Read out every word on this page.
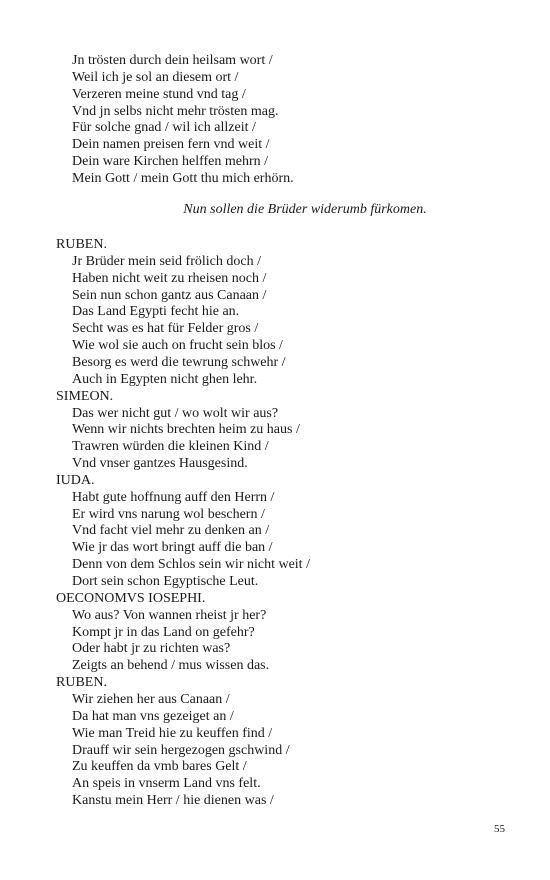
Nun sollen die Brüder widerumb fürkomen.
55
Jn trösten durch dein heilsam wort /
Weil ich je sol an diesem ort /
Verzeren meine stund vnd tag /
Vnd jn selbs nicht mehr trösten mag.
Für solche gnad / wil ich allzeit /
Dein namen preisen fern vnd weit /
Dein ware Kirchen helffen mehrn /
Mein Gott / mein Gott thu mich erhörn.
RUBEN.
Jr Brüder mein seid frölich doch /
Haben nicht weit zu rheisen noch /
Sein nun schon gantz aus Canaan /
Das Land Egypti fecht hie an.
Secht was es hat für Felder gros /
Wie wol sie auch on frucht sein blos /
Besorg es werd die tewrung schwehr /
Auch in Egypten nicht ghen lehr.
SIMEON.
Das wer nicht gut / wo wolt wir aus?
Wenn wir nichts brechten heim zu haus /
Trawren würden die kleinen Kind /
Vnd vnser gantzes Hausgesind.
IUDA.
Habt gute hoffnung auff den Herrn /
Er wird vns narung wol beschern /
Vnd facht viel mehr zu denken an /
Wie jr das wort bringt auff die ban /
Denn von dem Schlos sein wir nicht weit /
Dort sein schon Egyptische Leut.
OECONOMVS IOSEPHI.
Wo aus? Von wannen rheist jr her?
Kompt jr in das Land on gefehr?
Oder habt jr zu richten was?
Zeigts an behend / mus wissen das.
RUBEN.
Wir ziehen her aus Canaan /
Da hat man vns gezeiget an /
Wie man Treid hie zu keuffen find /
Drauff wir sein hergezogen gschwind /
Zu keuffen da vmb bares Gelt /
An speis in vnserm Land vns felt.
Kanstu mein Herr / hie dienen was /
